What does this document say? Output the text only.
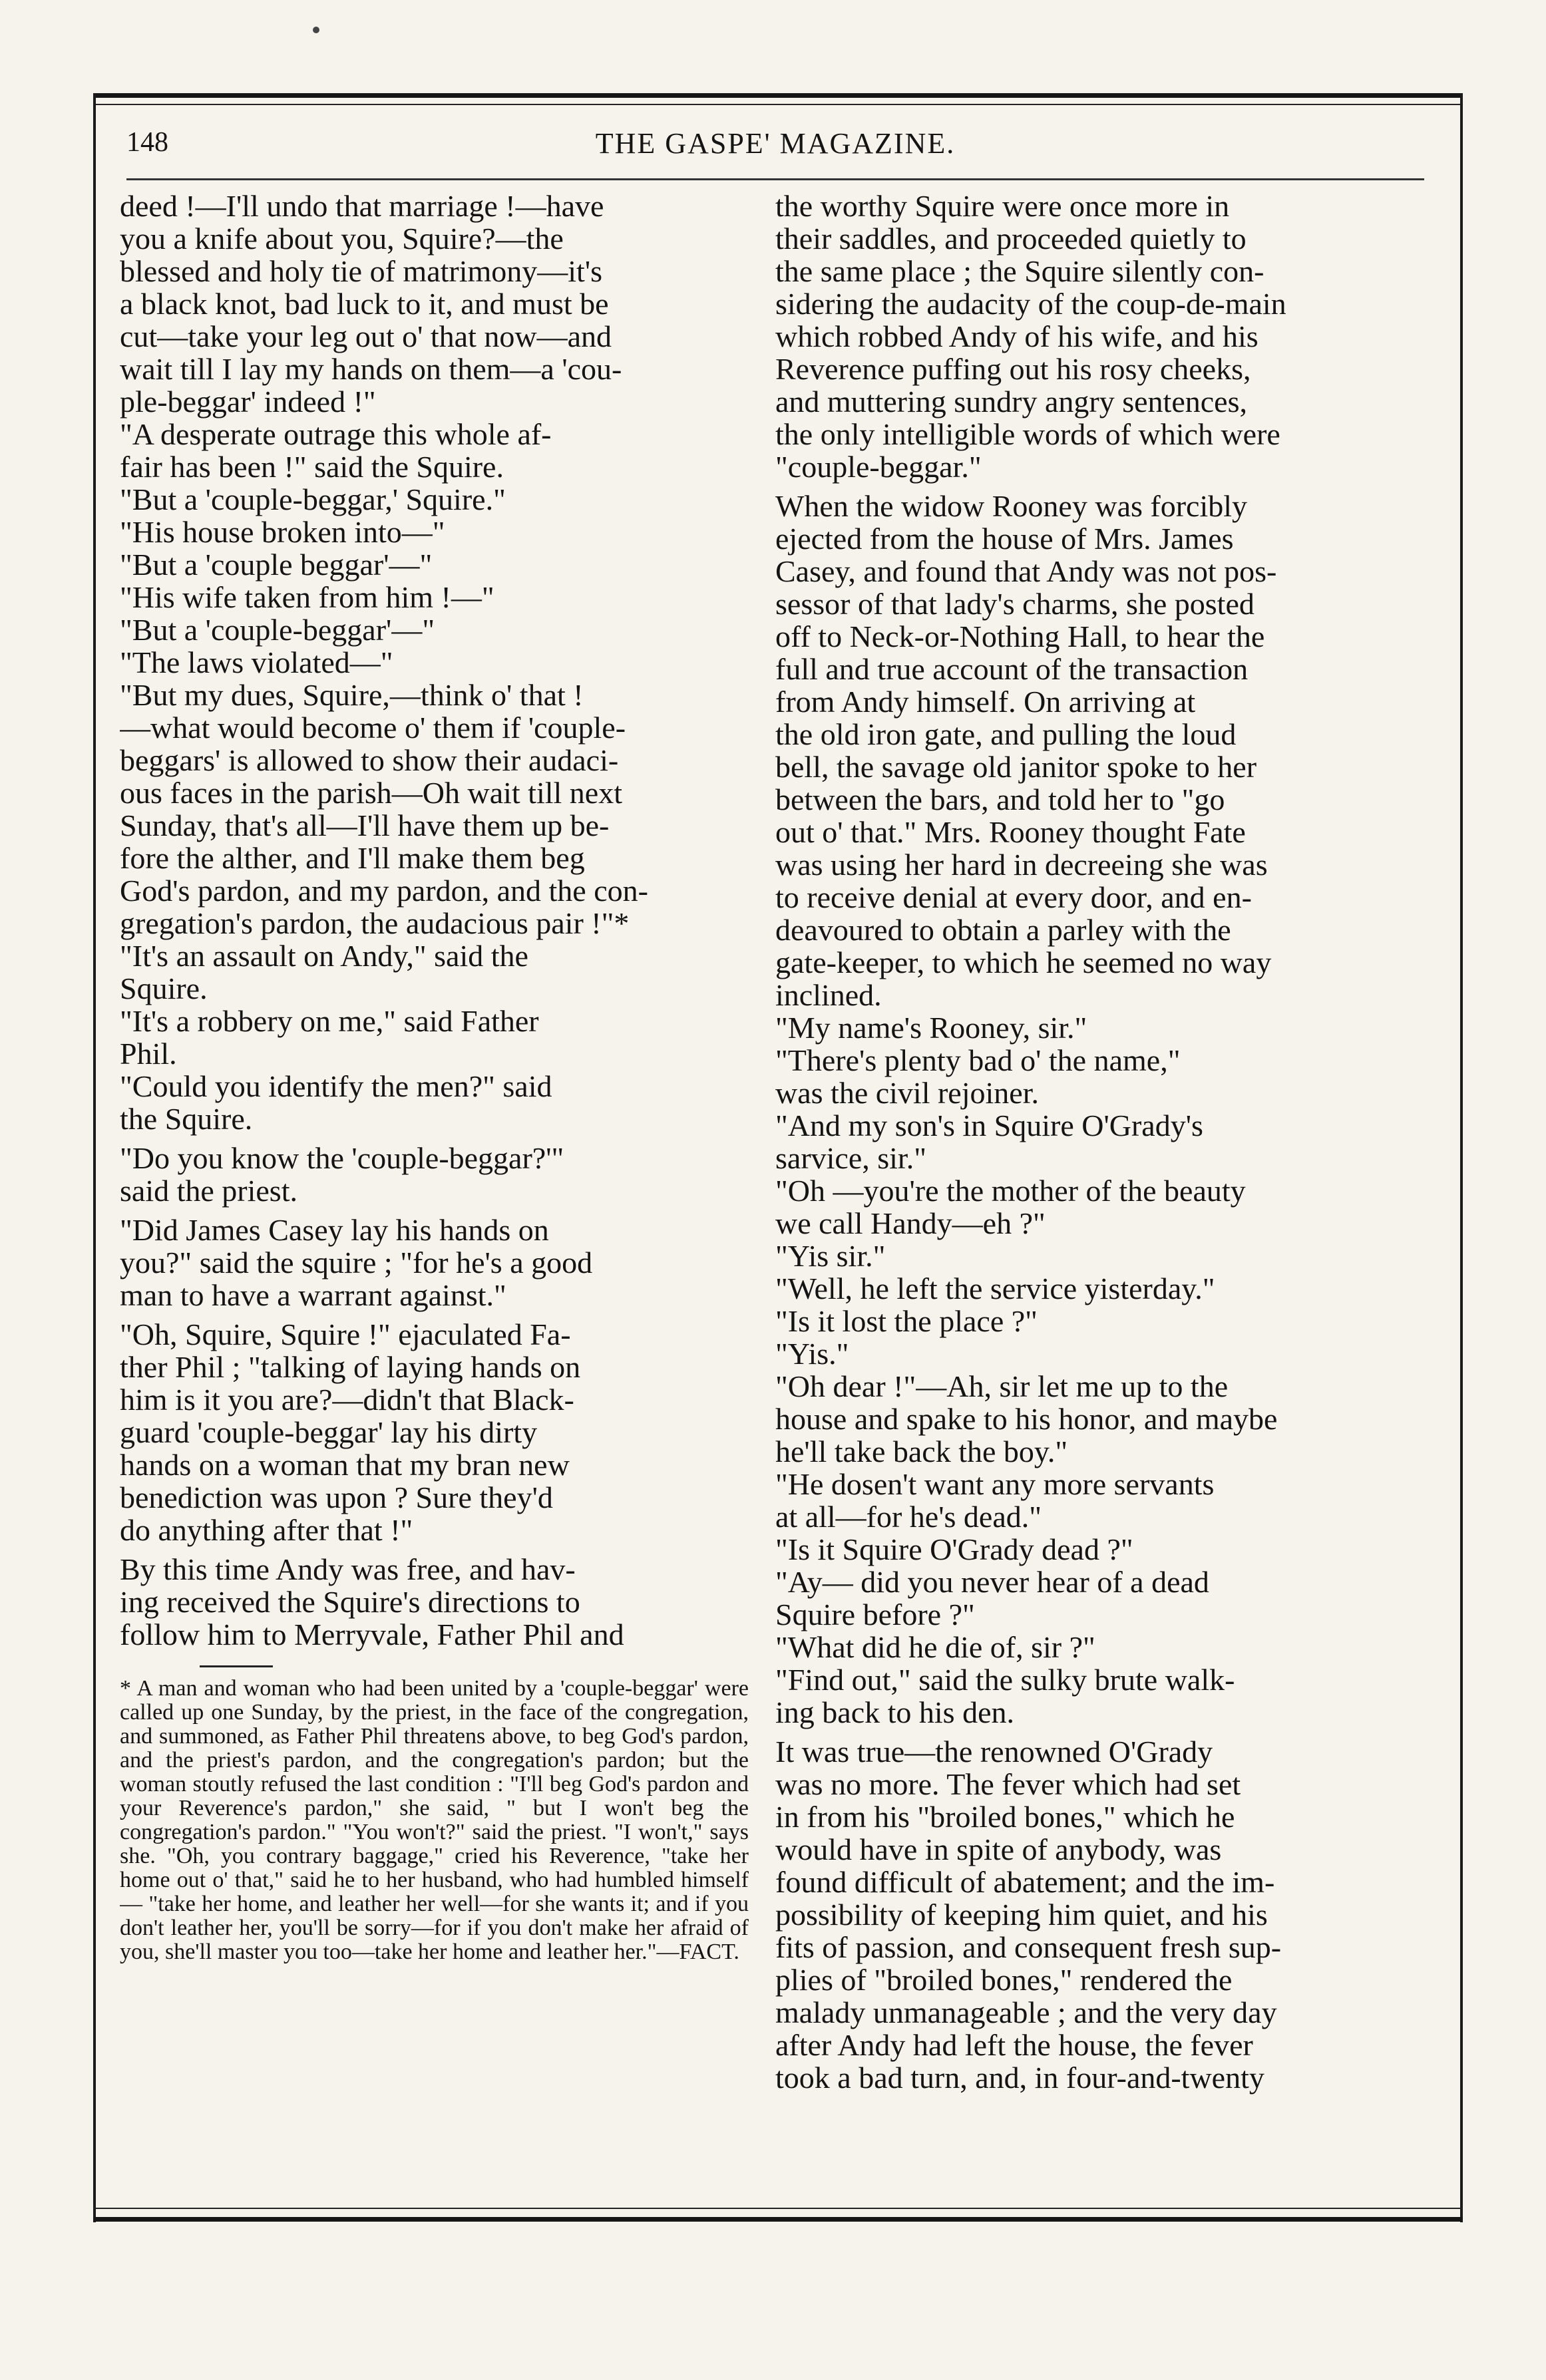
148	THE GASPE' MAGAZINE.

deed !—I'll undo that marriage !—have
you a knife about you, Squire?—the
blessed and holy tie of matrimony—it's
a black knot, bad luck to it, and must be
cut—take your leg out o' that now—and
wait till I lay my hands on them—a 'cou-
ple-beggar' indeed !"

"A desperate outrage this whole af-
fair has been !" said the Squire.

"But a 'couple-beggar,' Squire."

"His house broken into—"

"But a 'couple beggar'—"

"His wife taken from him !—"

"But a 'couple-beggar'—"

"The laws violated—"

"But my dues, Squire,—think o' that !
—what would become o' them if 'couple-
beggars' is allowed to show their audaci-
ous faces in the parish—Oh wait till next
Sunday, that's all—I'll have them up be-
fore the alther, and I'll make them beg
God's pardon, and my pardon, and the con-
gregation's pardon, the audacious pair !"*

"It's an assault on Andy," said the
Squire.

"It's a robbery on me," said Father
Phil.

"Could you identify the men?" said
the Squire.

"Do you know the 'couple-beggar?'"
said the priest.

"Did James Casey lay his hands on
you?" said the squire ; "for he's a good
man to have a warrant against."

"Oh, Squire, Squire !" ejaculated Fa-
ther Phil ; "talking of laying hands on
him is it you are?—didn't that Black-
guard 'couple-beggar' lay his dirty
hands on a woman that my bran new
benediction was upon ? Sure they'd
do anything after that !"

By this time Andy was free, and hav-
ing received the Squire's directions to
follow him to Merryvale, Father Phil and

* A man and woman who had been united by a 'couple-beggar' were called up one Sunday, by the priest, in the face of the congregation, and summoned, as Father Phil threatens above, to beg God's pardon, and the priest's pardon, and the congregation's pardon; but the woman stoutly refused the last condition : "I'll beg God's pardon and your Reverence's pardon," she said, " but I won't beg the congregation's pardon." "You won't?" said the priest. "I won't," says she. "Oh, you contrary baggage," cried his Reverence, "take her home out o' that," said he to her husband, who had humbled himself— "take her home, and leather her well—for she wants it; and if you don't leather her, you'll be sorry—for if you don't make her afraid of you, she'll master you too—take her home and leather her."—FACT.

the worthy Squire were once more in
their saddles, and proceeded quietly to
the same place ; the Squire silently con-
sidering the audacity of the coup-de-main
which robbed Andy of his wife, and his
Reverence puffing out his rosy cheeks,
and muttering sundry angry sentences,
the only intelligible words of which were
"couple-beggar."

When the widow Rooney was forcibly
ejected from the house of Mrs. James
Casey, and found that Andy was not pos-
sessor of that lady's charms, she posted
off to Neck-or-Nothing Hall, to hear the
full and true account of the transaction
from Andy himself. On arriving at
the old iron gate, and pulling the loud
bell, the savage old janitor spoke to her
between the bars, and told her to "go
out o' that." Mrs. Rooney thought Fate
was using her hard in decreeing she was
to receive denial at every door, and en-
deavoured to obtain a parley with the
gate-keeper, to which he seemed no way
inclined.

"My name's Rooney, sir."

"There's plenty bad o' the name,"
was the civil rejoiner.

"And my son's in Squire O'Grady's
sarvice, sir."

"Oh —you're the mother of the beauty
we call Handy—eh ?"

"Yis sir."

"Well, he left the service yisterday."

"Is it lost the place ?"

"Yis."

"Oh dear !"—Ah, sir let me up to the
house and spake to his honor, and maybe
he'll take back the boy."

"He dosen't want any more servants
at all—for he's dead."

"Is it Squire O'Grady dead ?"

"Ay— did you never hear of a dead
Squire before ?"

"What did he die of, sir ?"

"Find out," said the sulky brute walk-
ing back to his den.

It was true—the renowned O'Grady
was no more. The fever which had set
in from his "broiled bones," which he
would have in spite of anybody, was
found difficult of abatement; and the im-
possibility of keeping him quiet, and his
fits of passion, and consequent fresh sup-
plies of "broiled bones," rendered the
malady unmanageable ; and the very day
after Andy had left the house, the fever
took a bad turn, and, in four-and-twenty
